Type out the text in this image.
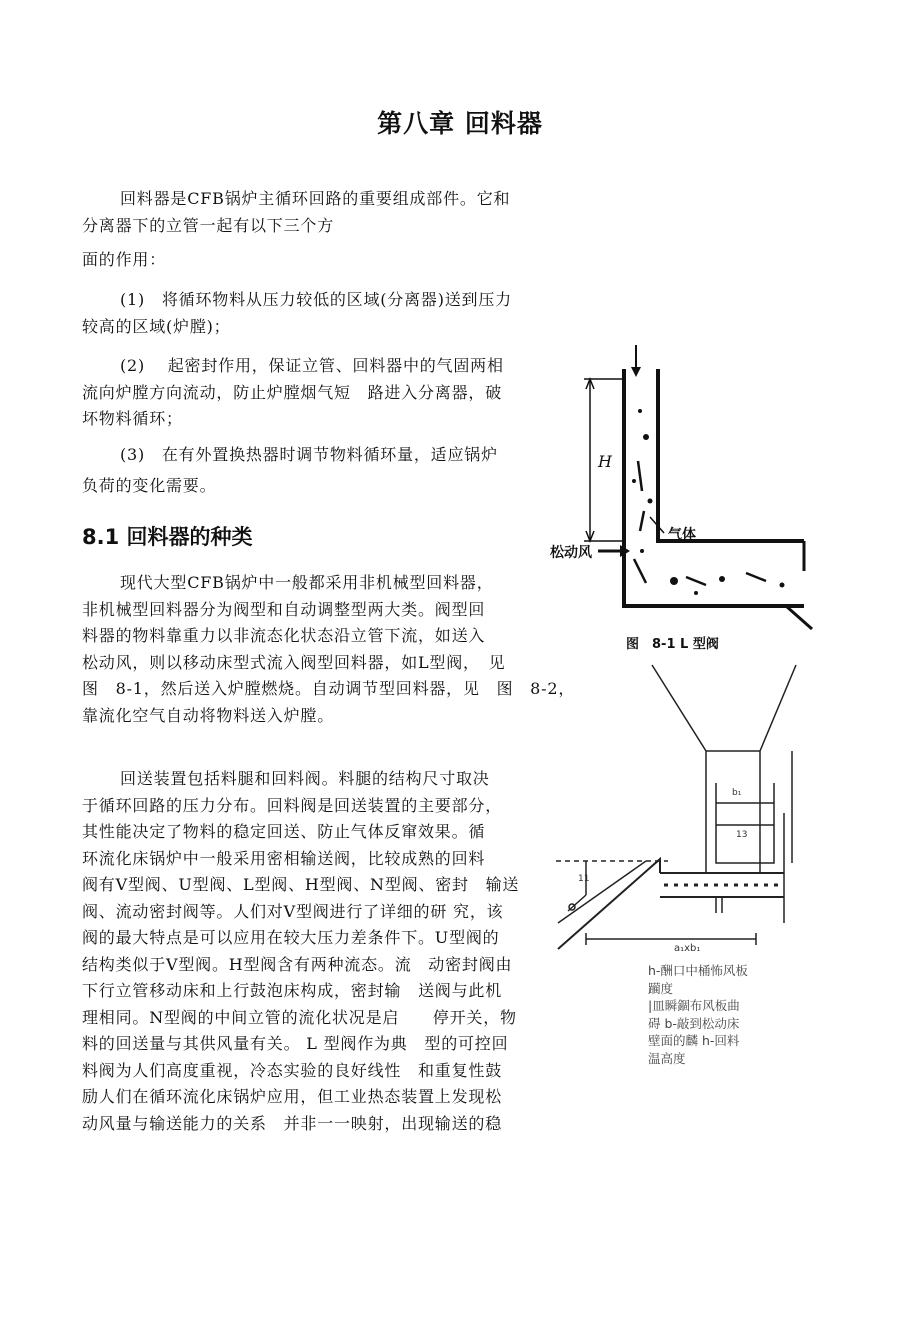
第八章 回料器
回料器是CFB锅炉主循环回路的重要组成部件。它和
分离器下的立管一起有以下三个方
面的作用：
(1)　将循环物料从压力较低的区域(分离器)送到压力
较高的区域(炉膛)；
(2)　 起密封作用，保证立管、回料器中的气固两相
流向炉膛方向流动，防止炉膛烟气短　路进入分离器，破
坏物料循环；
(3)　在有外置换热器时调节物料循环量，适应锅炉
负荷的变化需要。
8.1 回料器的种类
现代大型CFB锅炉中一般都采用非机械型回料器，
非机械型回料器分为阀型和自动调整型两大类。阀型回
料器的物料靠重力以非流态化状态沿立管下流，如送入
松动风，则以移动床型式流入阀型回料器，如L型阀，　见
图　8-1，然后送入炉膛燃烧。自动调节型回料器，见　图　8-2，
靠流化空气自动将物料送入炉膛。
回送装置包括料腿和回料阀。料腿的结构尺寸取决
于循环回路的压力分布。回料阀是回送装置的主要部分，
其性能决定了物料的稳定回送、防止气体反窜效果。循
环流化床锅炉中一般采用密相输送阀，比较成熟的回料
阀有V型阀、U型阀、L型阀、H型阀、N型阀、密封　输送
阀、流动密封阀等。人们对V型阀进行了详细的研 究，该
阀的最大特点是可以应用在较大压力差条件下。U型阀的
结构类似于V型阀。H型阀含有两种流态。流　动密封阀由
下行立管移动床和上行鼓泡床构成，密封输　送阀与此机
理相同。N型阀的中间立管的流化状况是启　　停开关，物
料的回送量与其供风量有关。 L 型阀作为典　型的可控回
料阀为人们高度重视，冷态实验的良好线性　和重复性鼓
励人们在循环流化床锅炉应用，但工业热态装置上发现松
动风量与输送能力的关系　并非一一映射，出现输送的稳
H
气体
松动风

图　8-1 L 型阀

b₁
13
11
a₁xb₁
h-酬口中桶怖风板
躏度
|皿瞬錮布风板曲
碍 b-敲到松动床
壁面的麟 h-回料
温高度
